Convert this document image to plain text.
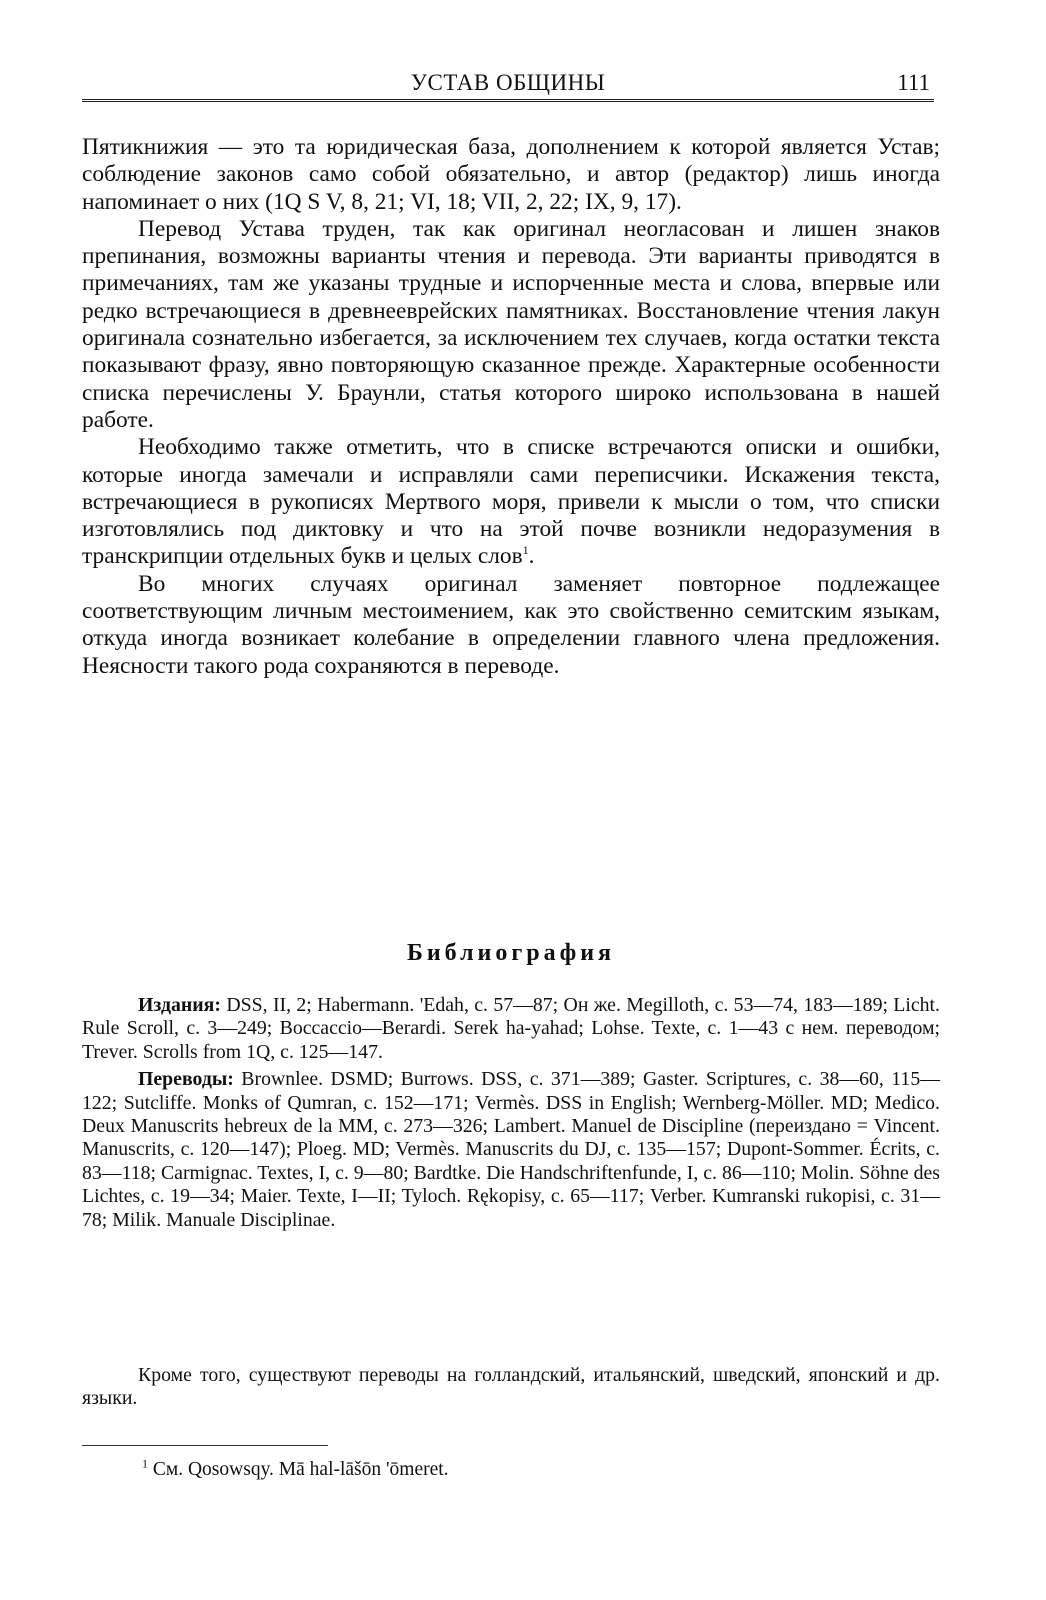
УСТАВ ОБЩИНЫ	111

Пятикнижия — это та юридическая база, дополнением к которой является Устав; соблюдение законов само собой обязательно, и автор (редактор) лишь иногда напоминает о них (1Q S V, 8, 21; VI, 18; VII, 2, 22; IX, 9, 17).

Перевод Устава труден, так как оригинал неогласован и лишен знаков препинания, возможны варианты чтения и перевода. Эти варианты приводятся в примечаниях, там же указаны трудные и испорченные места и слова, впервые или редко встречающиеся в древнееврейских памятниках. Восстановление чтения лакун оригинала сознательно избегается, за исключением тех случаев, когда остатки текста показывают фразу, явно повторяющую сказанное прежде. Характерные особенности списка перечислены У. Браунли, статья которого широко использована в нашей работе.

Необходимо также отметить, что в списке встречаются описки и ошибки, которые иногда замечали и исправляли сами переписчики. Искажения текста, встречающиеся в рукописях Мертвого моря, привели к мысли о том, что списки изготовлялись под диктовку и что на этой почве возникли недоразумения в транскрипции отдельных букв и целых слов$^1$.

Во многих случаях оригинал заменяет повторное подлежащее соответствующим личным местоимением, как это свойственно семитским языкам, откуда иногда возникает колебание в определении главного члена предложения. Неясности такого рода сохраняются в переводе.

Библиография

Издания: DSS, II, 2; Habermann. 'Edah, с. 57—87; Он же. Megilloth, с. 53—74, 183—189; Licht. Rule Scroll, с. 3—249; Boccaccio—Berardi. Serek ha-yahad; Lohse. Texte, с. 1—43 с нем. переводом; Trever. Scrolls from 1Q, с. 125—147.

Переводы: Brownlee. DSMD; Burrows. DSS, с. 371—389; Gaster. Scriptures, с. 38—60, 115—122; Sutcliffe. Monks of Qumran, с. 152—171; Vermès. DSS in English; Wernberg-Möller. MD; Medico. Deux Manuscrits hebreux de la MM, с. 273—326; Lambert. Manuel de Discipline (переиздано = Vincent. Manuscrits, с. 120—147); Ploeg. MD; Vermès. Manuscrits du DJ, с. 135—157; Dupont-Sommer. Écrits, с. 83—118; Carmignac. Textes, I, с. 9—80; Bardtke. Die Handschriftenfunde, I, с. 86—110; Molin. Söhne des Lichtes, с. 19—34; Maier. Texte, I—II; Tyloch. Rękopisy, с. 65—117; Verber. Kumranski rukopisi, с. 31—78; Milik. Manuale Disciplinae.

Кроме того, существуют переводы на голландский, итальянский, шведский, японский и др. языки.

$^1$ См. Qosowsqy. Mā hal-lāšōn 'ōmeret.
